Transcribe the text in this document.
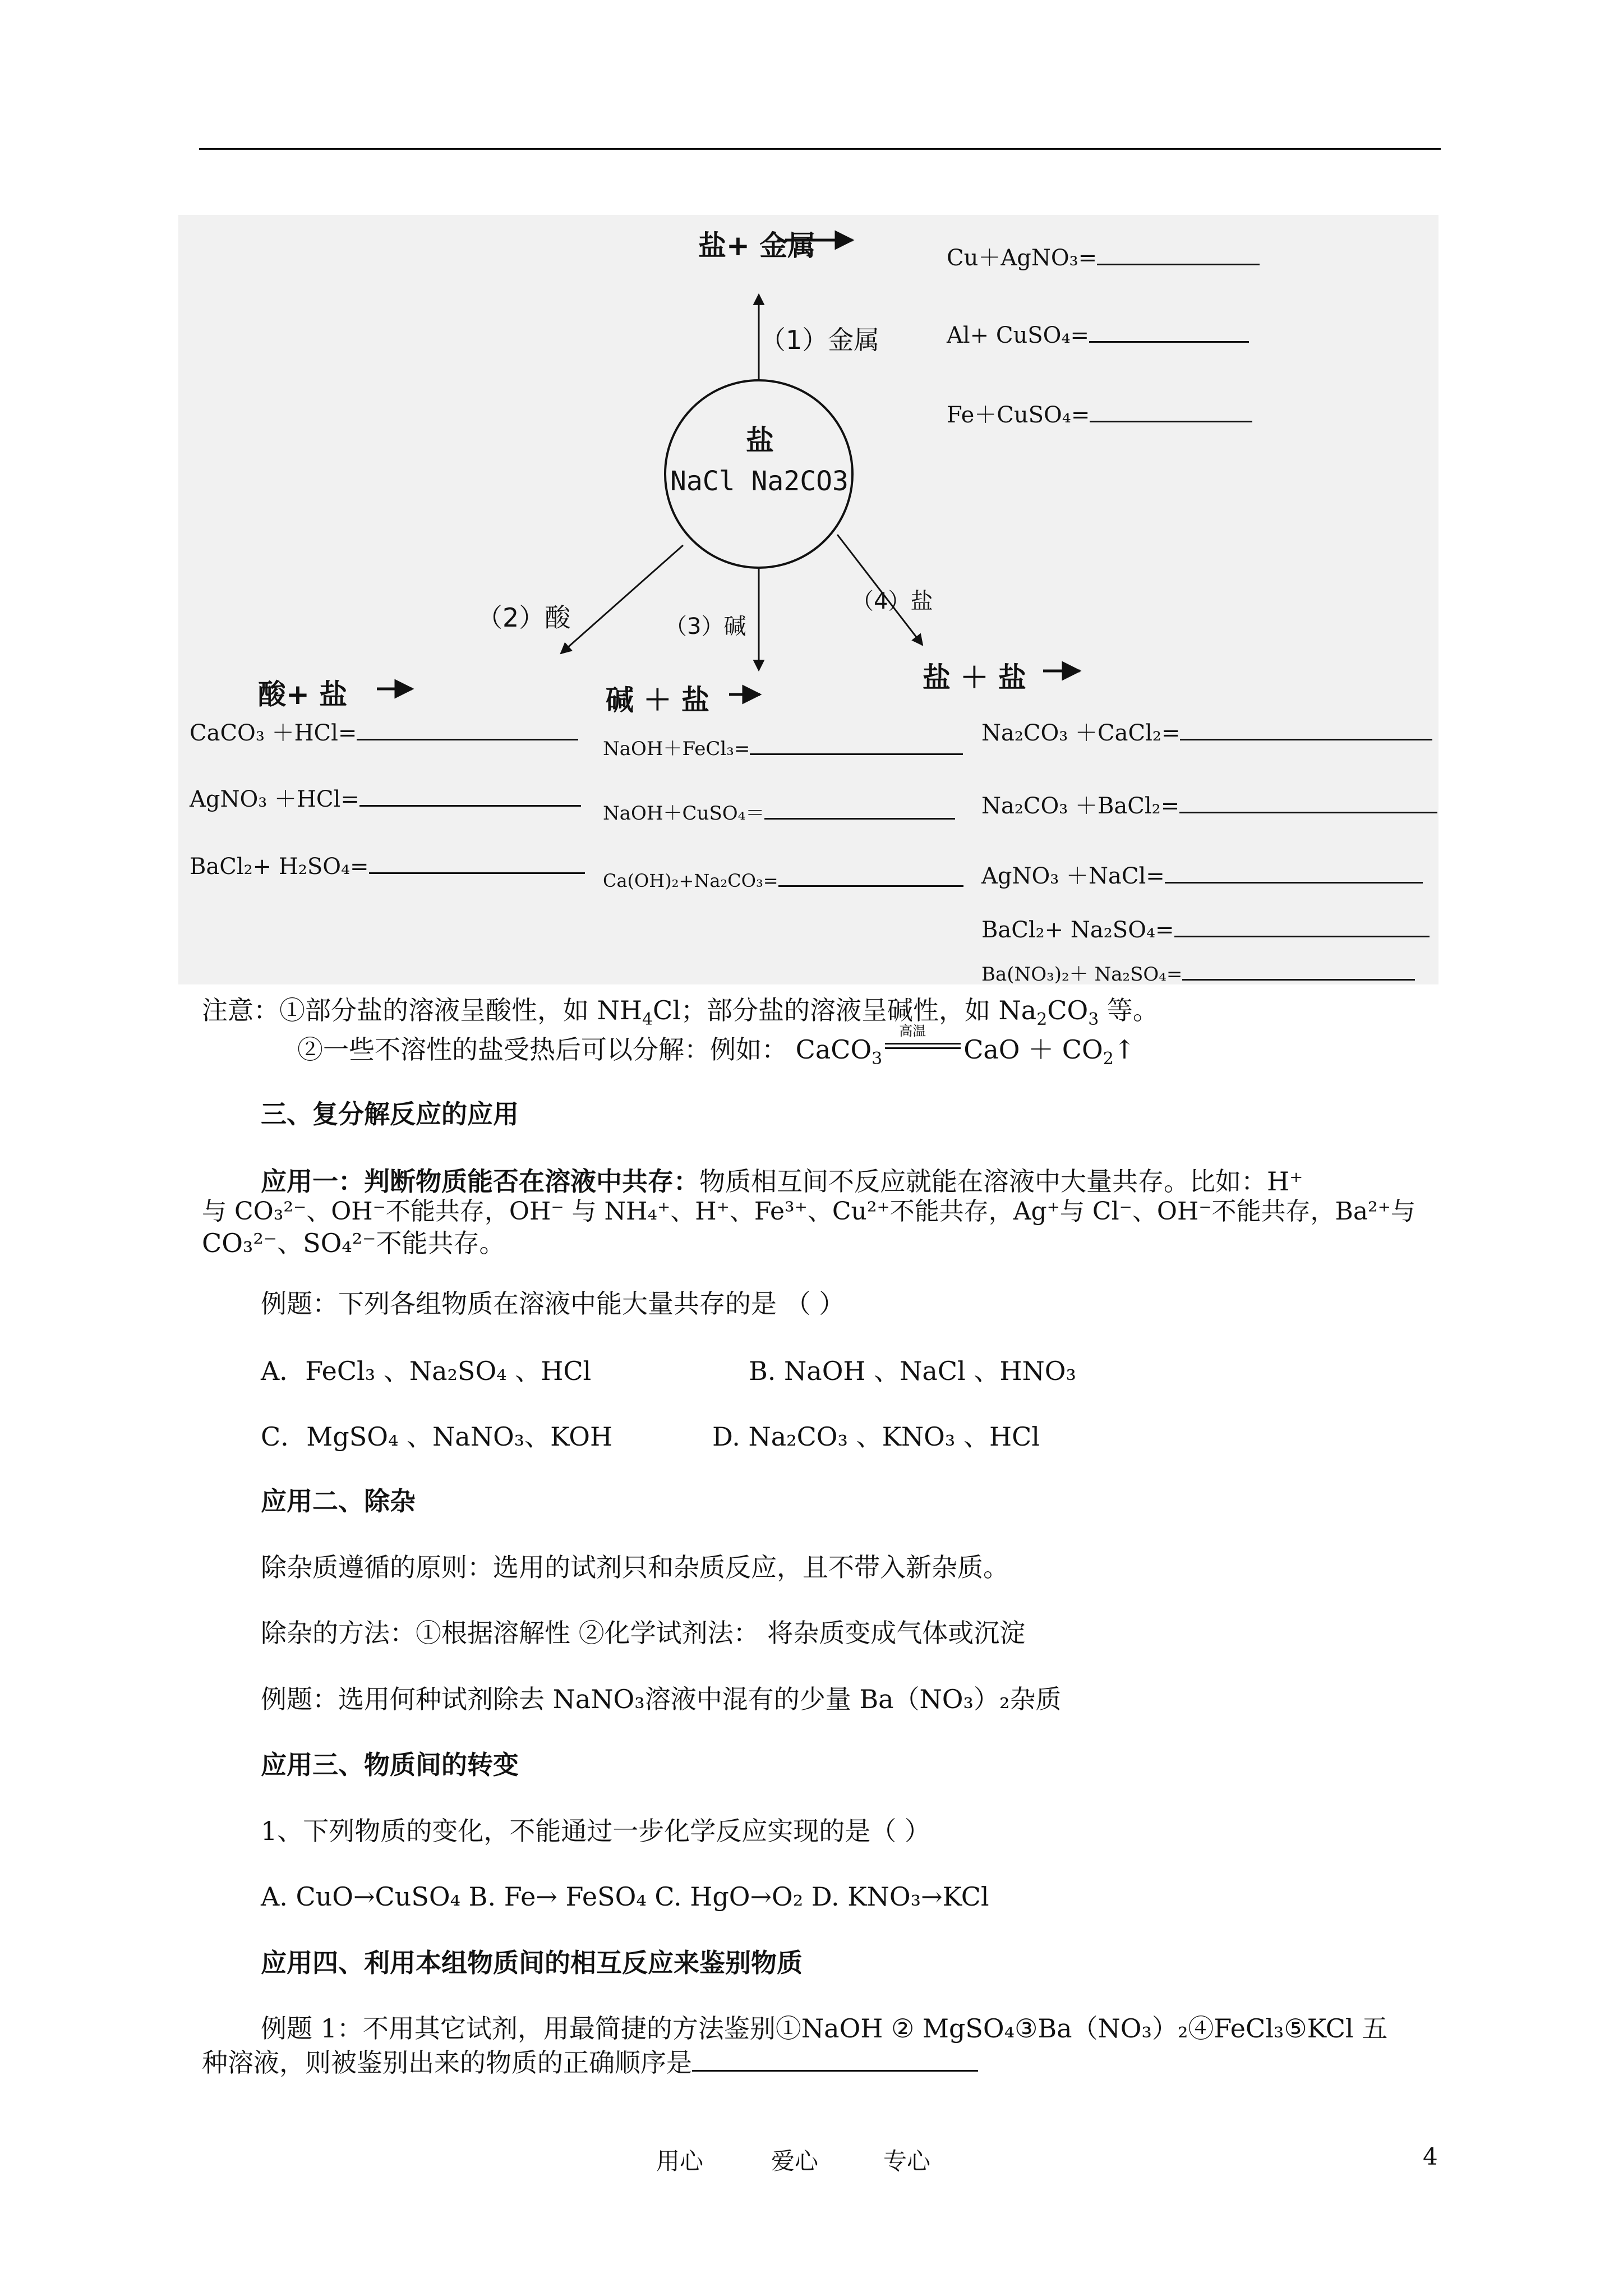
盐
NaCl Na2CO3
盐+ 金属
（1）金属
（2）酸	（3）碱
（4）盐
Cu＋AgNO₃=
Al+ CuSO₄=
Fe＋CuSO₄=
酸+ 盐
CaCO₃ ＋HCl=
AgNO₃ ＋HCl=
BaCl₂+ H₂SO₄=
碱 ＋ 盐
NaOH＋FeCl₃=
NaOH＋CuSO₄＝
Ca(OH)₂+Na₂CO₃=
盐 ＋ 盐
Na₂CO₃ ＋CaCl₂=
Na₂CO₃ ＋BaCl₂=
AgNO₃ ＋NaCl=
BaCl₂+ Na₂SO₄=
Ba(NO₃)₂＋ Na₂SO₄=
注意：①部分盐的溶液呈酸性，如 $NH_4Cl$；部分盐的溶液呈碱性，如 $Na_2CO_3$ 等。
②一些不溶性的盐受热后可以分解：例如： CaCO$_3$
高温
CaO ＋ $CO_2↑$
三、复分解反应的应用
应用一：判断物质能否在溶液中共存：物质相互间不反应就能在溶液中大量共存。比如：H⁺
与 CO₃²⁻、OH⁻不能共存，OH⁻ 与 NH₄⁺、H⁺、Fe³⁺、Cu²⁺不能共存，Ag⁺与 Cl⁻、OH⁻不能共存，Ba²⁺与
CO₃²⁻、SO₄²⁻不能共存。
例题：下列各组物质在溶液中能大量共存的是 （ ）
A．FeCl₃ 、Na₂SO₄ 、HCl	B. NaOH 、NaCl 、HNO₃
C．MgSO₄ 、NaNO₃、KOH	D. Na₂CO₃ 、KNO₃ 、HCl
应用二、除杂
除杂质遵循的原则：选用的试剂只和杂质反应，且不带入新杂质。
除杂的方法：①根据溶解性 ②化学试剂法： 将杂质变成气体或沉淀
例题：选用何种试剂除去 NaNO₃溶液中混有的少量 Ba（NO₃）₂杂质
应用三、物质间的转变
1、下列物质的变化，不能通过一步化学反应实现的是（ ）
A. CuO→CuSO₄ B. Fe→ FeSO₄ C. HgO→O₂ D. KNO₃→KCl
应用四、利用本组物质间的相互反应来鉴别物质
例题 1：不用其它试剂，用最简捷的方法鉴别①NaOH ② MgSO₄③Ba（NO₃）₂④FeCl₃⑤KCl 五
种溶液，则被鉴别出来的物质的正确顺序是
用心	爱心	专心	4
